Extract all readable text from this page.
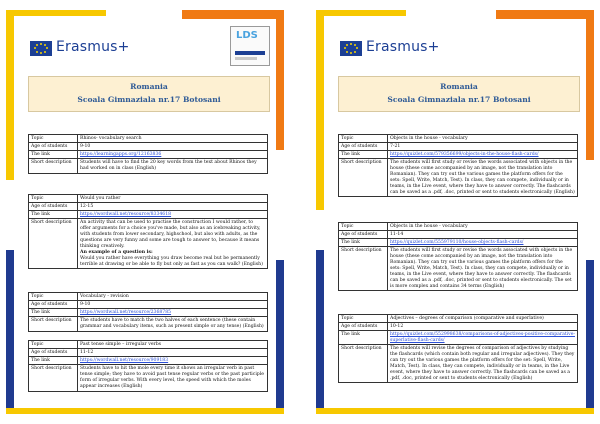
Erasmus+
LDS
Romania
Scoala Gimnaziala nr.17 Botosani
Topic	Rhinos- vocabulary search
Age of students	9-10
The link	https://learningapps.org/12163836
Short description	Students will have to find the 20 key words from the text about Rhinos they had worked on in class (English)
Topic	Would you rather
Age of students	12-15
The link	https://wordwall.net/resource/8334618
Short description	An activity that can be used to practise the construction I would rather, to offer arguments for a choice you've made, but also as an icebreaking activity, with students from lower secondary, highschool, but also with adults, as the questions are very funny and some are tough to answer to, because it means thinking creatively.
An example of a question is:
Would you rather have everything you draw become real but be permanently terrible at drawing or be able to fly but only as fast as you can walk? (English)
Topic	Vocabulary - revision
Age of students	9-10
The link	https://wordwall.net/resource/2368785
Short description	The students have to match the two halves of each sentence (these contain grammar and vocabulary items, such as present simple or any tense) (English)
Topic	Past tense simple – irregular verbs
Age of students	11-12
The link	https://wordwall.net/resource/909183
Short description	Students have to hit the mole every time it shows an irregular verb in past tense simple; they have to avoid past tense regular verbs or the past participle form of irregular verbs. With every level, the speed with which the moles appear increases (English)
Erasmus+
Romania
Scoala Gimnaziala nr.17 Botosani
Topic	Objects in the house - vocabulary
Age of students	7-21
The link	https://quizlet.com/579356699/objects-in-the-house-flash-cards/
Short description	The students will first study or revise the words associated with objects in the house (these come accompanied by an image, not the translation into Romanian). They can try out the various games the platform offers for the sets: Spell, Write, Match, Test). In class, they can compete, individually or in teams, in the Live event, where they have to answer correctly. The flashcards can be saved as a .pdf, .doc, printed or sent to students electronically (English)
Topic	Objects in the house - vocabulary
Age of students	11-14
The link	https://quizlet.com/555979110/house-objects-flash-cards/
Short description	The students will first study or revise the words associated with objects in the house (these come accompanied by an image, not the translation into Romanian). They can try out the various games the platform offers for the sets: Spell, Write, Match, Test). In class, they can compete, individually or in teams, in the Live event, where they have to answer correctly. The flashcards can be saved as a .pdf, .doc, printed or sent to students electronically. The set is more complex and contains 34 terms (English)
Topic	Adjectives – degrees of comparison (comparative and superlative)
Age of students	10-12
The link	https://quizlet.com/552998638/comparisons-of-adjectives-positive-comparative-superlative-flash-cards/
Short description	The students will revise the degrees of comparison of adjectives by studying the flashcards (which contain both regular and irregular adjectives). They they can try out the various games the platform offers for the set: Spell, Write, Match, Test). In class, they can compete, individually or in teams, in the Live event, where they have to answer correctly. The flashcards can be saved as a .pdf, .doc, printed or sent to students electronically (English)
